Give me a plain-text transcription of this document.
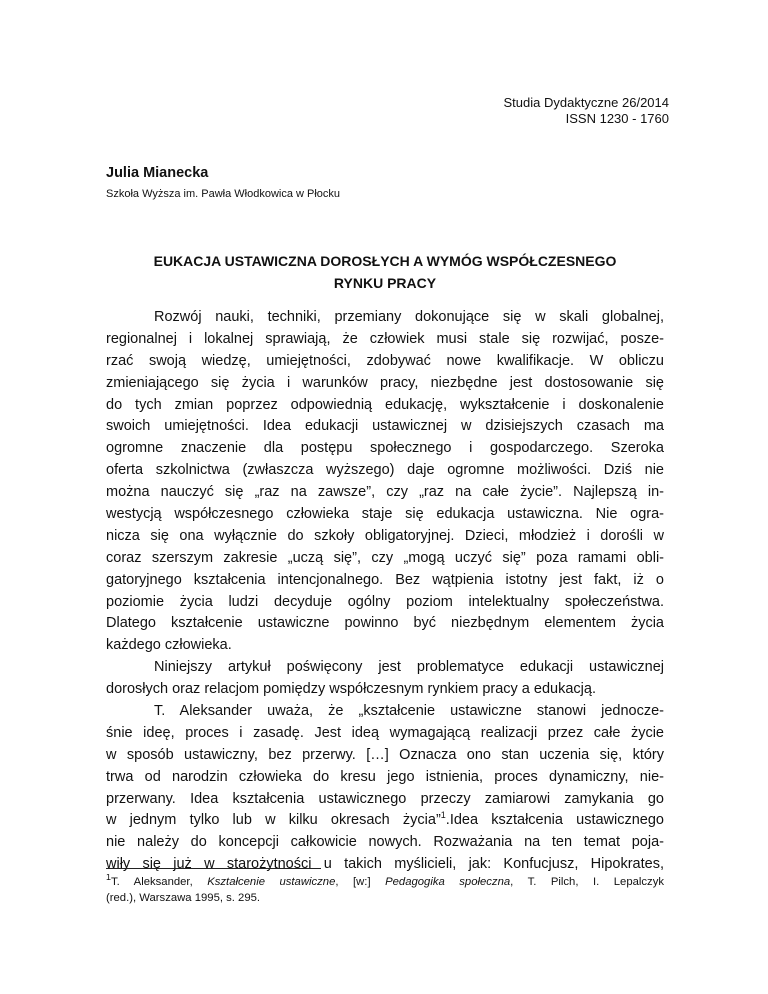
Studia Dydaktyczne 26/2014
ISSN 1230 - 1760
Julia Mianecka
Szkoła Wyższa im. Pawła Włodkowica w Płocku
EUKACJA USTAWICZNA DOROSŁYCH A WYMÓG WSPÓŁCZESNEGO
RYNKU PRACY
Rozwój nauki, techniki, przemiany dokonujące się w skali globalnej,
regionalnej i lokalnej sprawiają, że człowiek musi stale się rozwijać, posze-
rzać swoją wiedzę, umiejętności, zdobywać nowe kwalifikacje. W obliczu
zmieniającego się życia i warunków pracy, niezbędne jest dostosowanie się
do tych zmian poprzez odpowiednią edukację, wykształcenie i doskonalenie
swoich umiejętności. Idea edukacji ustawicznej w dzisiejszych czasach ma
ogromne znaczenie dla postępu społecznego i gospodarczego. Szeroka
oferta szkolnictwa (zwłaszcza wyższego) daje ogromne możliwości. Dziś nie
można nauczyć się „raz na zawsze”, czy „raz na całe życie”. Najlepszą in-
westycją współczesnego człowieka staje się edukacja ustawiczna. Nie ogra-
nicza się ona wyłącznie do szkoły obligatoryjnej. Dzieci, młodzież i dorośli w
coraz szerszym zakresie „uczą się”, czy „mogą uczyć się” poza ramami obli-
gatoryjnego kształcenia intencjonalnego. Bez wątpienia istotny jest fakt, iż o
poziomie życia ludzi decyduje ogólny poziom intelektualny społeczeństwa.
Dlatego kształcenie ustawiczne powinno być niezbędnym elementem życia
każdego człowieka.
Niniejszy artykuł poświęcony jest problematyce edukacji ustawicznej
dorosłych oraz relacjom pomiędzy współczesnym rynkiem pracy a edukacją.
T. Aleksander uważa, że „kształcenie ustawiczne stanowi jednocze-
śnie ideę, proces i zasadę. Jest ideą wymagającą realizacji przez całe życie
w sposób ustawiczny, bez przerwy. […] Oznacza ono stan uczenia się, który
trwa od narodzin człowieka do kresu jego istnienia, proces dynamiczny, nie-
przerwany. Idea kształcenia ustawicznego przeczy zamiarowi zamykania go
w jednym tylko lub w kilku okresach życia”$^1$.Idea kształcenia ustawicznego
nie należy do koncepcji całkowicie nowych. Rozważania na ten temat poja-
wiły się już w starożytności u takich myślicieli, jak: Konfucjusz, Hipokrates,
$^1$T. Aleksander, Kształcenie ustawiczne, [w:] Pedagogika społeczna, T. Pilch, I. Lepalczyk
(red.), Warszawa 1995, s. 295.
